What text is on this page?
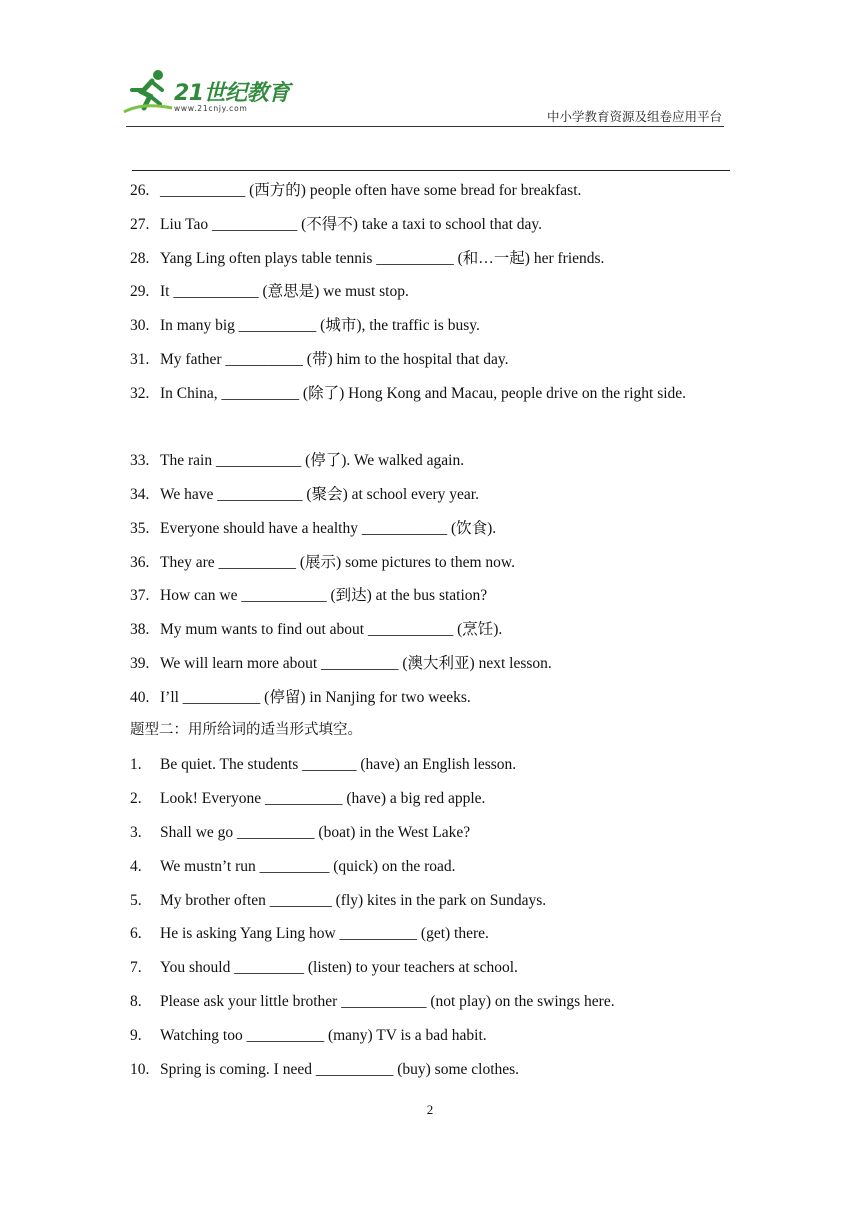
21世纪教育
www.21cnjy.com
中小学教育资源及组卷应用平台
26. ___________ (西方的) people often have some bread for breakfast.
27. Liu Tao ___________ (不得不) take a taxi to school that day.
28. Yang Ling often plays table tennis __________ (和…一起) her friends.
29. It ___________ (意思是) we must stop.
30. In many big __________ (城市), the traffic is busy.
31. My father __________ (带) him to the hospital that day.
32. In China, __________ (除了) Hong Kong and Macau, people drive on the right side.
33. The rain ___________ (停了). We walked again.
34. We have ___________ (聚会) at school every year.
35. Everyone should have a healthy ___________ (饮食).
36. They are __________ (展示) some pictures to them now.
37. How can we ___________ (到达) at the bus station?
38. My mum wants to find out about ___________ (烹饪).
39. We will learn more about __________ (澳大利亚) next lesson.
40. I’ll __________ (停留) in Nanjing for two weeks.
题型二：用所给词的适当形式填空。
1. Be quiet. The students _______ (have) an English lesson.
2. Look! Everyone __________ (have) a big red apple.
3. Shall we go __________ (boat) in the West Lake?
4. We mustn’t run _________ (quick) on the road.
5. My brother often ________ (fly) kites in the park on Sundays.
6. He is asking Yang Ling how __________ (get) there.
7. You should _________ (listen) to your teachers at school.
8. Please ask your little brother ___________ (not play) on the swings here.
9. Watching too __________ (many) TV is a bad habit.
10. Spring is coming. I need __________ (buy) some clothes.
2
